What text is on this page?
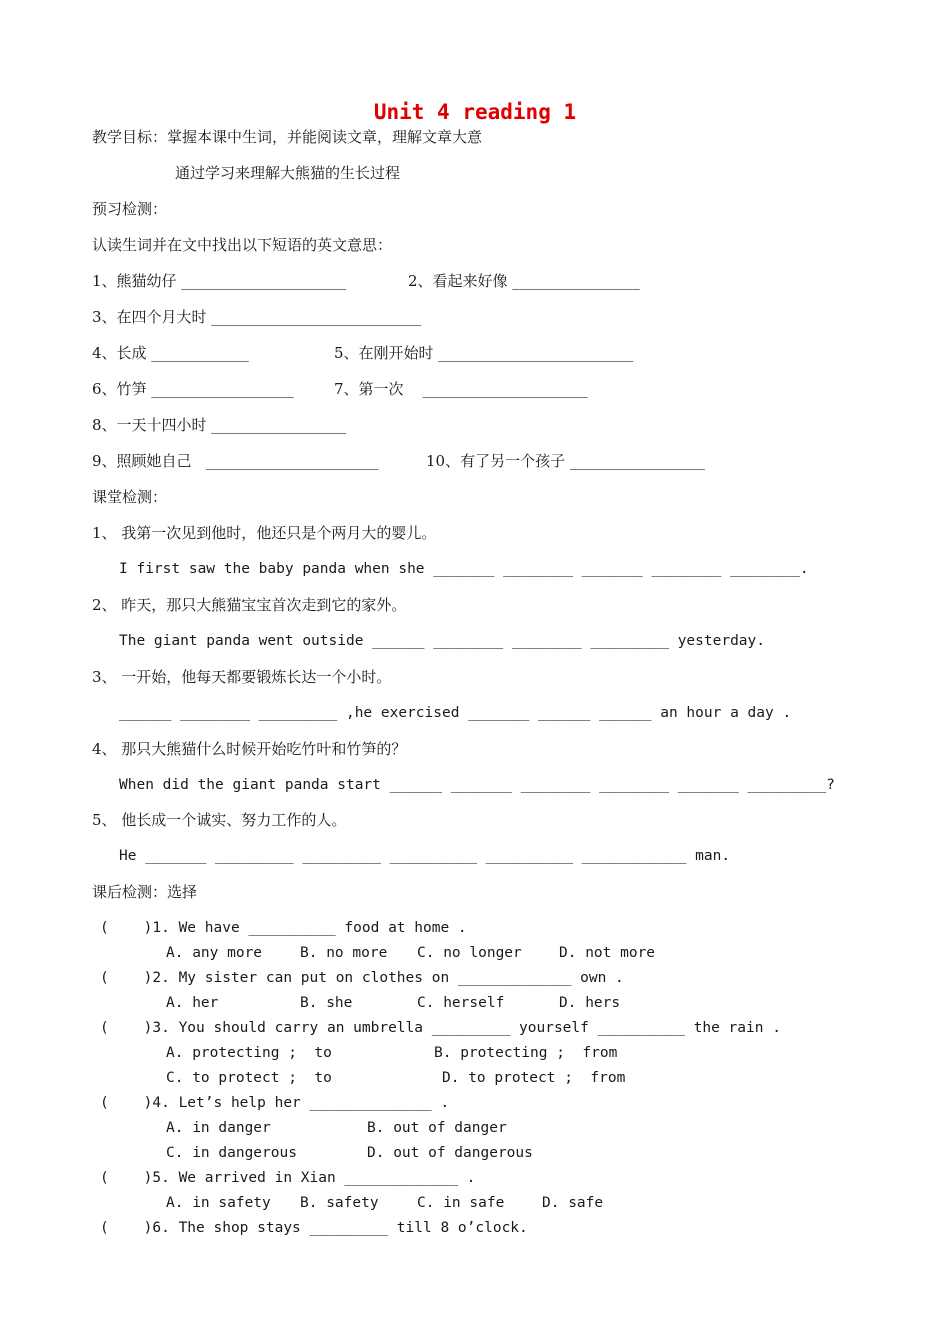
Unit 4 reading 1
教学目标：掌握本课中生词，并能阅读文章，理解文章大意
通过学习来理解大熊猫的生长过程
预习检测：
认读生词并在文中找出以下短语的英文意思：
1、熊猫幼仔 ______________________	2、看起来好像 _________________
3、在四个月大时 ____________________________
4、长成 _____________	5、在刚开始时 __________________________
6、竹笋 ___________________	7、第一次    ______________________
8、一天十四小时 __________________
9、照顾她自己   _______________________	10、有了另一个孩子 __________________
课堂检测：
1、 我第一次见到他时，他还只是个两月大的婴儿。
I first saw the baby panda when she _______ ________ _______ ________ ________.
2、 昨天，那只大熊猫宝宝首次走到它的家外。
The giant panda went outside ______ ________ ________ _________ yesterday.
3、 一开始，他每天都要锻炼长达一个小时。
______ ________ _________ ,he exercised _______ ______ ______ an hour a day .
4、 那只大熊猫什么时候开始吃竹叶和竹笋的？
When did the giant panda start ______ _______ ________ ________ _______ _________?
5、 他长成一个诚实、努力工作的人。
He _______ _________ _________ __________ __________ ____________ man.
课后检测：选择
(    )1. We have __________ food at home .
A. any more	B. no more C. no longer	D. not more
(    )2. My sister can put on clothes on _____________ own .
A. her	B. she	C. herself	D. hers
(    )3. You should carry an umbrella _________ yourself __________ the rain .
A. protecting ;  to	B. protecting ;  from
C. to protect ;  to	D. to protect ;  from
(    )4. Let’s help her ______________ .
A. in danger	B. out of danger
C. in dangerous	D. out of dangerous
(    )5. We arrived in Xian _____________ .
A. in safety B. safety	C. in safe	D. safe
(    )6. The shop stays _________ till 8 o’clock.
